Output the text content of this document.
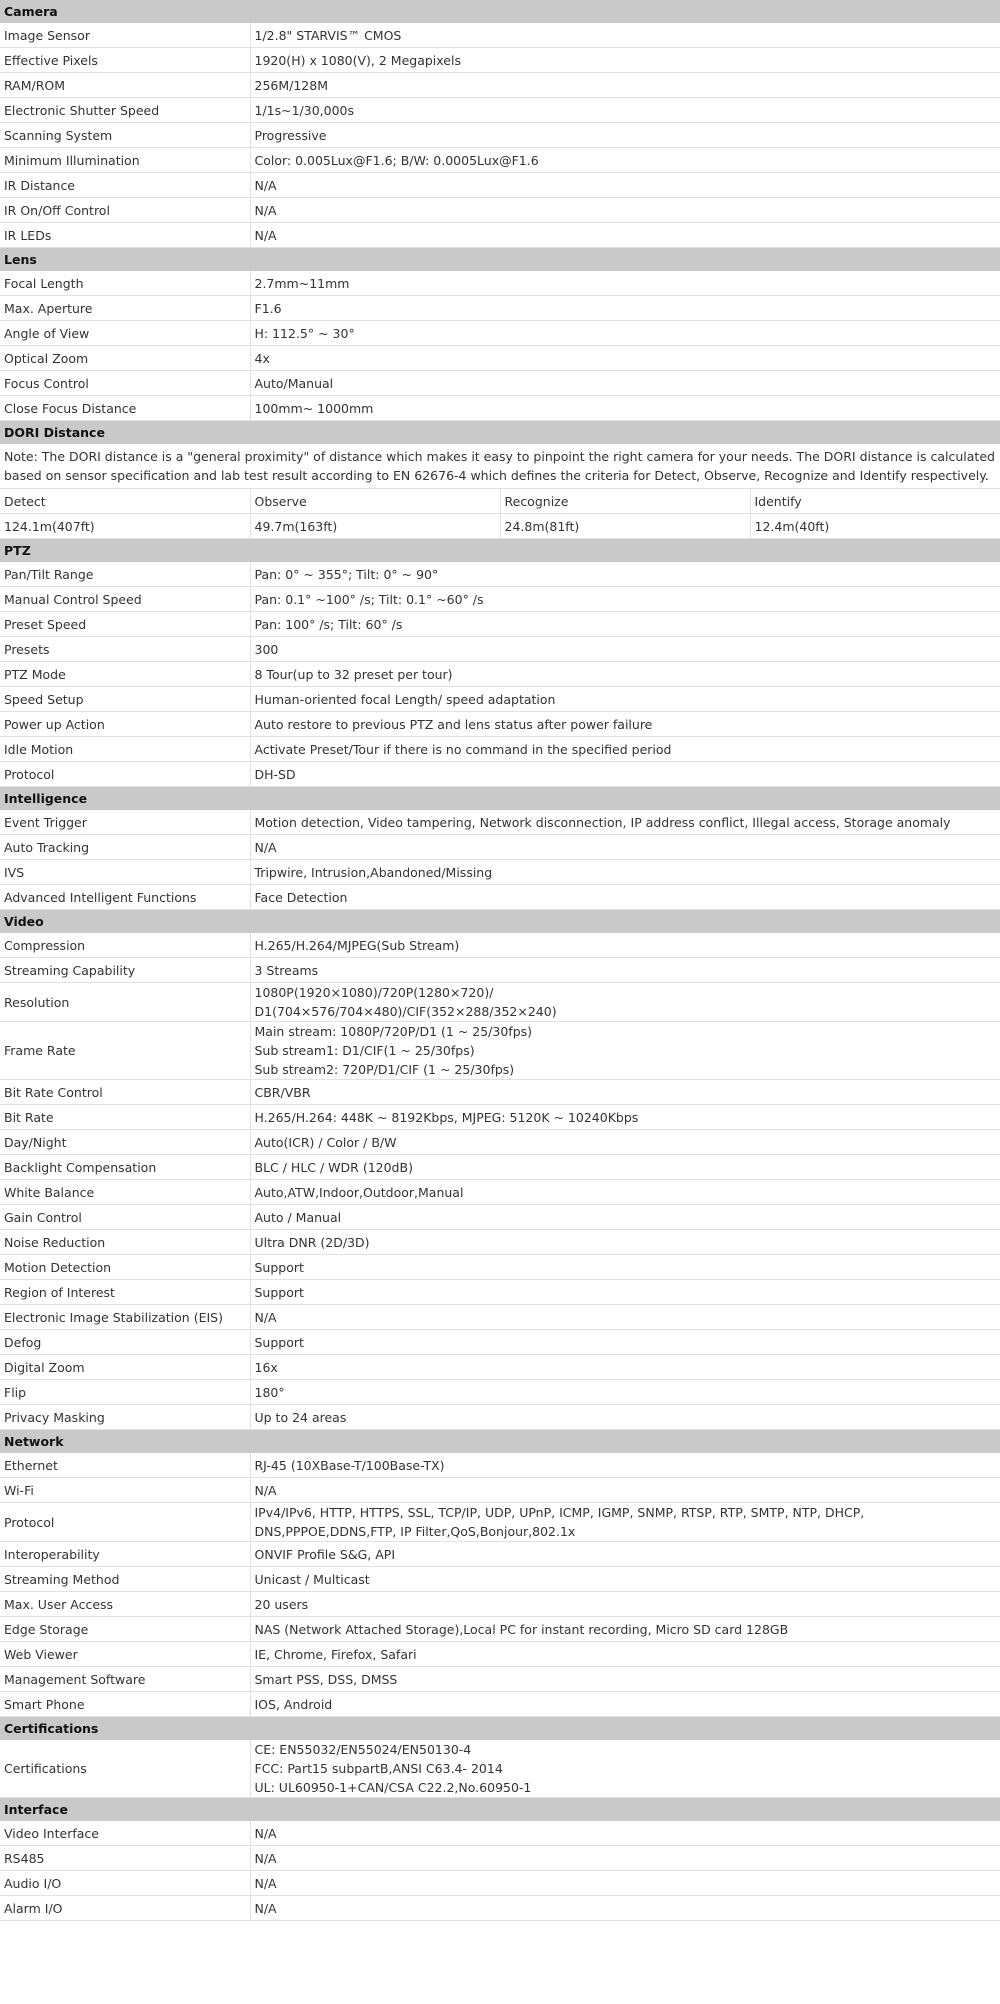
Camera			
Image Sensor	1/2.8" STARVIS™ CMOS		
Effective Pixels	1920(H) x 1080(V), 2 Megapixels		
RAM/ROM	256M/128M		
Electronic Shutter Speed	1/1s~1/30,000s		
Scanning System	Progressive		
Minimum Illumination	Color: 0.005Lux@F1.6; B/W: 0.0005Lux@F1.6		
IR Distance	N/A		
IR On/Off Control	N/A		
IR LEDs	N/A		
Lens			
Focal Length	2.7mm~11mm		
Max. Aperture	F1.6		
Angle of View	H: 112.5° ~ 30°		
Optical Zoom	4x		
Focus Control	Auto/Manual		
Close Focus Distance	100mm~ 1000mm		
DORI Distance			
Note: The DORI distance is a "general proximity" of distance which makes it easy to pinpoint the right camera for your needs. The DORI distance is calculated based on sensor specification and lab test result according to EN 62676-4 which defines the criteria for Detect, Observe, Recognize and Identify respectively.			
Detect	Observe	Recognize	Identify
124.1m(407ft)	49.7m(163ft)	24.8m(81ft)	12.4m(40ft)
PTZ			
Pan/Tilt Range	Pan: 0° ~ 355°; Tilt: 0° ~ 90°		
Manual Control Speed	Pan: 0.1° ~100° /s; Tilt: 0.1° ~60° /s		
Preset Speed	Pan: 100° /s; Tilt: 60° /s		
Presets	300		
PTZ Mode	8 Tour(up to 32 preset per tour)		
Speed Setup	Human-oriented focal Length/ speed adaptation		
Power up Action	Auto restore to previous PTZ and lens status after power failure		
Idle Motion	Activate Preset/Tour if there is no command in the specified period		
Protocol	DH-SD		
Intelligence			
Event Trigger	Motion detection, Video tampering, Network disconnection, IP address conflict, Illegal access, Storage anomaly		
Auto Tracking	N/A		
IVS	Tripwire, Intrusion,Abandoned/Missing		
Advanced Intelligent Functions	Face Detection		
Video			
Compression	H.265/H.264/MJPEG(Sub Stream)		
Streaming Capability	3 Streams		
Resolution	1080P(1920×1080)/720P(1280×720)/
D1(704×576/704×480)/CIF(352×288/352×240)		
Frame Rate	Main stream: 1080P/720P/D1 (1 ~ 25/30fps)
Sub stream1: D1/CIF(1 ~ 25/30fps)
Sub stream2: 720P/D1/CIF (1 ~ 25/30fps)		
Bit Rate Control	CBR/VBR		
Bit Rate	H.265/H.264: 448K ~ 8192Kbps, MJPEG: 5120K ~ 10240Kbps		
Day/Night	Auto(ICR) / Color / B/W		
Backlight Compensation	BLC / HLC / WDR (120dB)		
White Balance	Auto,ATW,Indoor,Outdoor,Manual		
Gain Control	Auto / Manual		
Noise Reduction	Ultra DNR (2D/3D)		
Motion Detection	Support		
Region of Interest	Support		
Electronic Image Stabilization (EIS)	N/A		
Defog	Support		
Digital Zoom	16x		
Flip	180°		
Privacy Masking	Up to 24 areas		
Network			
Ethernet	RJ-45 (10XBase-T/100Base-TX)		
Wi-Fi	N/A		
Protocol	IPv4/IPv6, HTTP, HTTPS, SSL, TCP/IP, UDP, UPnP, ICMP, IGMP, SNMP, RTSP, RTP, SMTP, NTP, DHCP,
DNS,PPPOE,DDNS,FTP, IP Filter,QoS,Bonjour,802.1x		
Interoperability	ONVIF Profile S&G, API		
Streaming Method	Unicast / Multicast		
Max. User Access	20 users		
Edge Storage	NAS (Network Attached Storage),Local PC for instant recording, Micro SD card 128GB		
Web Viewer	IE, Chrome, Firefox, Safari		
Management Software	Smart PSS, DSS, DMSS		
Smart Phone	IOS, Android		
Certifications			
Certifications	CE: EN55032/EN55024/EN50130-4
FCC: Part15 subpartB,ANSI C63.4- 2014
UL: UL60950-1+CAN/CSA C22.2,No.60950-1		
Interface			
Video Interface	N/A		
RS485	N/A		
Audio I/O	N/A		
Alarm I/O	N/A		
